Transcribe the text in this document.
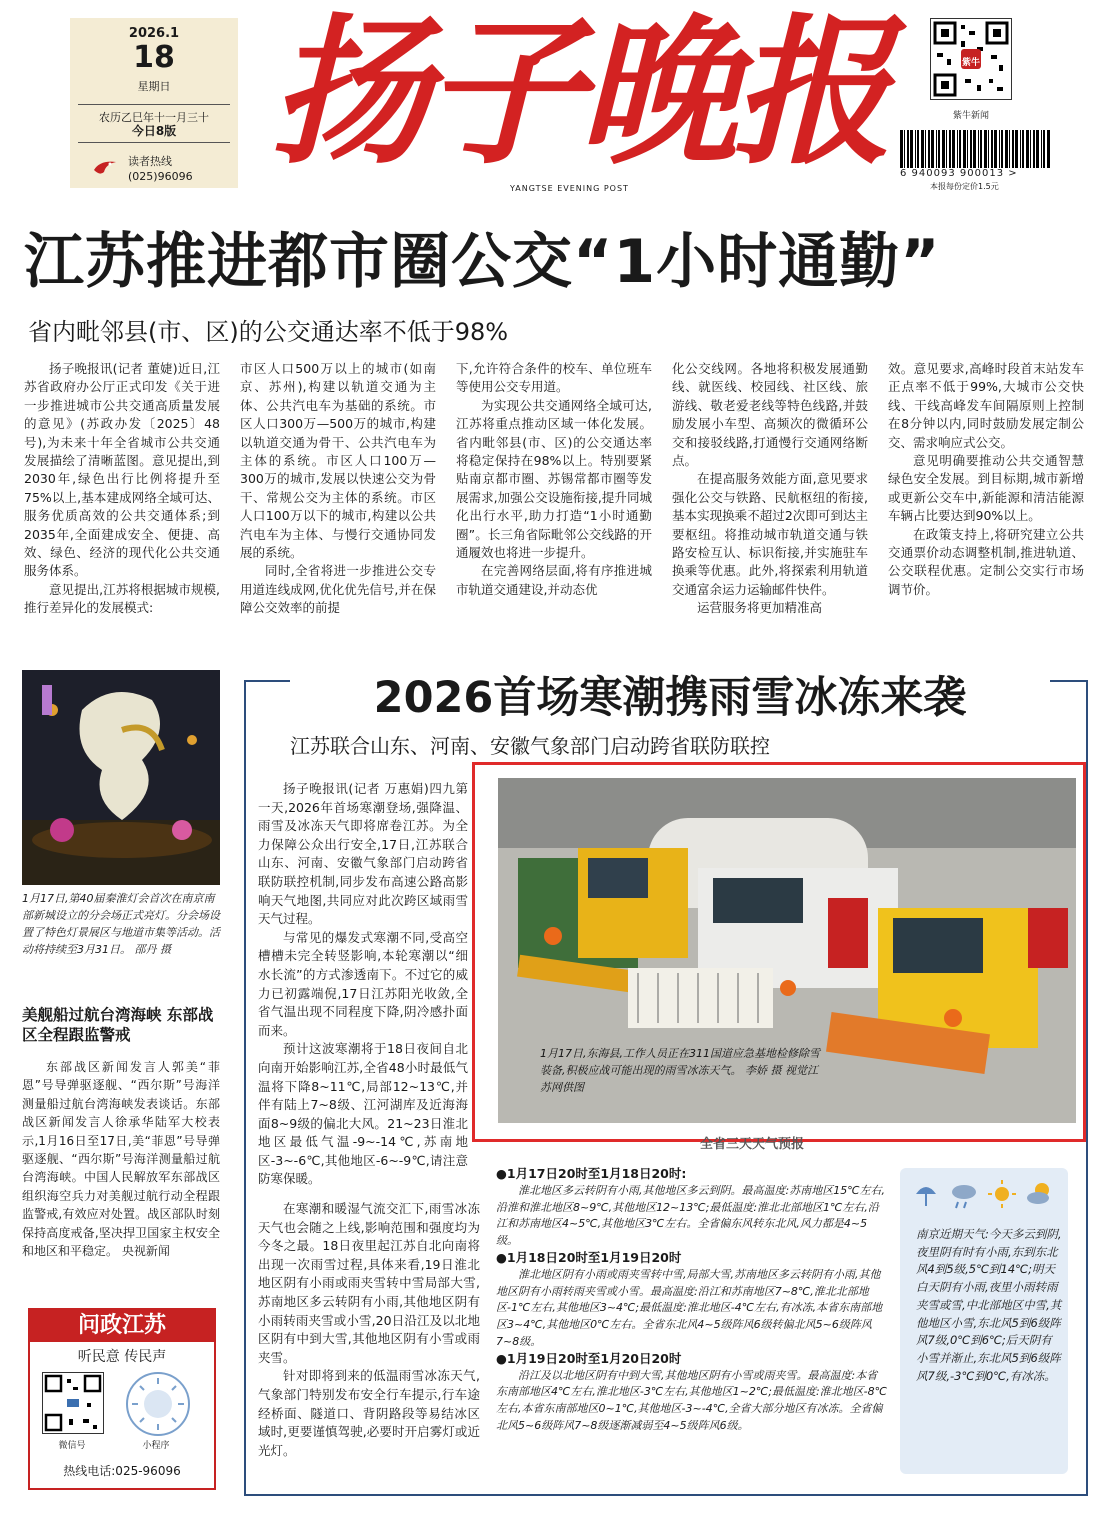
2026.1
18
星期日
农历乙巳年十一月三十
今日8版
读者热线
(025)96096 扬子晚报
YANGTSE EVENING POST
紫牛
紫牛新闻
6 940093 900013 >
本报每份定价1.5元
江苏推进都市圈公交“1小时通勤”
省内毗邻县(市、区)的公交通达率不低于98%

扬子晚报讯(记者 董婕)近日,江苏省政府办公厅正式印发《关于进一步推进城市公共交通高质量发展的意见》(苏政办发〔2025〕48号),为未来十年全省城市公共交通发展描绘了清晰蓝图。意见提出,到2030年,绿色出行比例将提升至75%以上,基本建成网络全域可达、服务优质高效的公共交通体系;到2035年,全面建成安全、便捷、高效、绿色、经济的现代化公共交通服务体系。

意见提出,江苏将根据城市规模,推行差异化的发展模式:

市区人口500万以上的城市(如南京、苏州),构建以轨道交通为主体、公共汽电车为基础的系统。市区人口300万—500万的城市,构建以轨道交通为骨干、公共汽电车为主体的系统。市区人口100万—300万的城市,发展以快速公交为骨干、常规公交为主体的系统。市区人口100万以下的城市,构建以公共汽电车为主体、与慢行交通协同发展的系统。

同时,全省将进一步推进公交专用道连线成网,优化优先信号,并在保障公交效率的前提

下,允许符合条件的校车、单位班车等使用公交专用道。

为实现公共交通网络全域可达,江苏将重点推动区域一体化发展。省内毗邻县(市、区)的公交通达率将稳定保持在98%以上。特别要紧贴南京都市圈、苏锡常都市圈等发展需求,加强公交设施衔接,提升同城化出行水平,助力打造“1小时通勤圈”。长三角省际毗邻公交线路的开通履效也将进一步提升。

在完善网络层面,将有序推进城市轨道交通建设,并动态优

化公交线网。各地将积极发展通勤线、就医线、校园线、社区线、旅游线、敬老爱老线等特色线路,并鼓励发展小车型、高频次的微循环公交和接驳线路,打通慢行交通网络断点。

在提高服务效能方面,意见要求强化公交与铁路、民航枢纽的衔接,基本实现换乘不超过2次即可到达主要枢纽。将推动城市轨道交通与铁路安检互认、标识衔接,并实施驻车换乘等优惠。此外,将探索利用轨道交通富余运力运输邮件快件。

运营服务将更加精准高

效。意见要求,高峰时段首末站发车正点率不低于99%,大城市公交快线、干线高峰发车间隔原则上控制在8分钟以内,同时鼓励发展定制公交、需求响应式公交。

意见明确要推动公共交通智慧绿色安全发展。到目标期,城市新增或更新公交车中,新能源和清洁能源车辆占比要达到90%以上。

在政策支持上,将研究建立公共交通票价动态调整机制,推进轨道、公交联程优惠。定制公交实行市场调节价。

1月17日,第40届秦淮灯会首次在南京南部新城设立的分会场正式亮灯。分会场设置了特色灯景展区与地道市集等活动。活动将持续至3月31日。 邵丹 摄
美舰船过航台湾海峡 东部战区全程跟监警戒

东部战区新闻发言人郭美“菲恩”号导弹驱逐舰、“西尔斯”号海洋测量船过航台湾海峡发表谈话。东部战区新闻发言人徐承华陆军大校表示,1月16日至17日,美“菲恩”号导弹驱逐舰、“西尔斯”号海洋测量船过航台湾海峡。中国人民解放军东部战区组织海空兵力对美舰过航行动全程跟监警戒,有效应对处置。战区部队时刻保持高度戒备,坚决捍卫国家主权安全和地区和平稳定。 央视新闻

问政江苏
听民意 传民声
微信号	小程序
热线电话:025-96096
2026首场寒潮携雨雪冰冻来袭
江苏联合山东、河南、安徽气象部门启动跨省联防联控

扬子晚报讯(记者 万惠娟)四九第一天,2026年首场寒潮登场,强降温、雨雪及冰冻天气即将席卷江苏。为全力保障公众出行安全,17日,江苏联合山东、河南、安徽气象部门启动跨省联防联控机制,同步发布高速公路高影响天气地图,共同应对此次跨区域雨雪天气过程。

与常见的爆发式寒潮不同,受高空槽槽未完全转竖影响,本轮寒潮以“细水长流”的方式渗透南下。不过它的威力已初露端倪,17日江苏阳光收敛,全省气温出现不同程度下降,阴冷感扑面而来。

预计这波寒潮将于18日夜间自北向南开始影响江苏,全省48小时最低气温将下降8~11℃,局部12~13℃,并伴有陆上7~8级、江河湖库及近海海面8~9级的偏北大风。21~23日淮北地区最低气温-9~-14℃,苏南地区-3~-6℃,其他地区-6~-9℃,请注意防寒保暖。

在寒潮和暖湿气流交汇下,雨雪冰冻天气也会随之上线,影响范围和强度均为今冬之最。18日夜里起江苏自北向南将出现一次雨雪过程,具体来看,19日淮北地区阴有小雨或雨夹雪转中雪局部大雪,苏南地区多云转阴有小雨,其他地区阴有小雨转雨夹雪或小雪,20日沿江及以北地区阴有中到大雪,其他地区阴有小雪或雨夹雪。

针对即将到来的低温雨雪冰冻天气,气象部门特别发布安全行车提示,行车途经桥面、隧道口、背阴路段等易结冰区域时,更要谨慎驾驶,必要时开启雾灯或近光灯。

1月17日,东海县,工作人员正在311国道应急基地检修除雪装备,积极应战可能出现的雨雪冰冻天气。 李娇 摄 视觉江苏网供图
全省三天天气预报
●1月17日20时至1月18日20时:
淮北地区多云转阴有小雨,其他地区多云到阴。最高温度:苏南地区15℃左右,沿淮和淮北地区8~9℃,其他地区12~13℃;最低温度:淮北北部地区1℃左右,沿江和苏南地区4~5℃,其他地区3℃左右。全省偏东风转东北风,风力都是4~5级。
●1月18日20时至1月19日20时
淮北地区阴有小雨或雨夹雪转中雪,局部大雪,苏南地区多云转阴有小雨,其他地区阴有小雨转雨夹雪或小雪。最高温度:沿江和苏南地区7~8℃,淮北北部地区-1℃左右,其他地区3~4℃;最低温度:淮北地区-4℃左右,有冰冻,本省东南部地区3~4℃,其他地区0℃左右。全省东北风4~5级阵风6级转偏北风5~6级阵风7~8级。
●1月19日20时至1月20日20时
沿江及以北地区阴有中到大雪,其他地区阴有小雪或雨夹雪。最高温度:本省东南部地区4℃左右,淮北地区-3℃左右,其他地区1~2℃;最低温度:淮北地区-8℃左右,本省东南部地区0~1℃,其他地区-3~-4℃,全省大部分地区有冰冻。全省偏北风5~6级阵风7~8级逐渐减弱至4~5级阵风6级。
南京近期天气:今天多云到阴,夜里阴有时有小雨,东到东北风4到5级,5℃到14℃;明天白天阴有小雨,夜里小雨转雨夹雪或雪,中北部地区中雪,其他地区小雪,东北风5到6级阵风7级,0℃到6℃;后天阴有小雪并渐止,东北风5到6级阵风7级,-3℃到0℃,有冰冻。
